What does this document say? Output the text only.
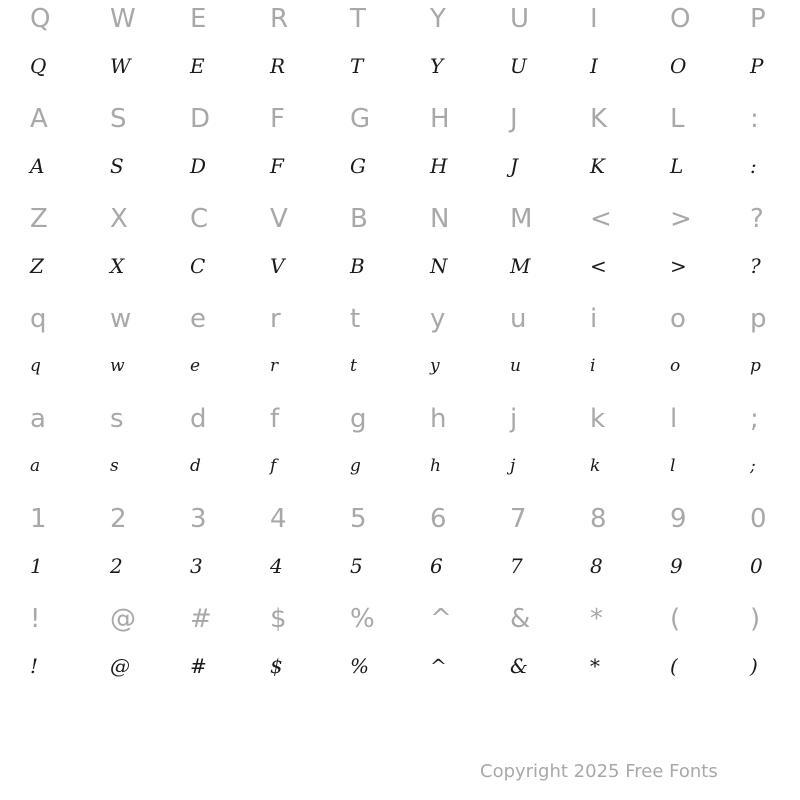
Q
Q
W
W
E
E
R
R
T
T
Y
Y
U
U
I
I
O
O
P
P
A
A
S
S
D
D
F
F
G
G
H
H
J
J
K
K
L
L
:
:
Z
Z
X
X
C
C
V
V
B
B
N
N
M
M
<
<
>
>
?
?
q
q
w
w
e
e
r
r
t
t
y
y
u
u
i
i
o
o
p
p
a
a
s
s
d
d
f
f
g
g
h
h
j
j
k
k
l
l
;
;
1
1
2
2
3
3
4
4
5
5
6
6
7
7
8
8
9
9
0
0
!
!
@
@
#
#
$
$
%
%
^
^
&
&
*
*
(
(
)
)
Copyright 2025 Free Fonts
